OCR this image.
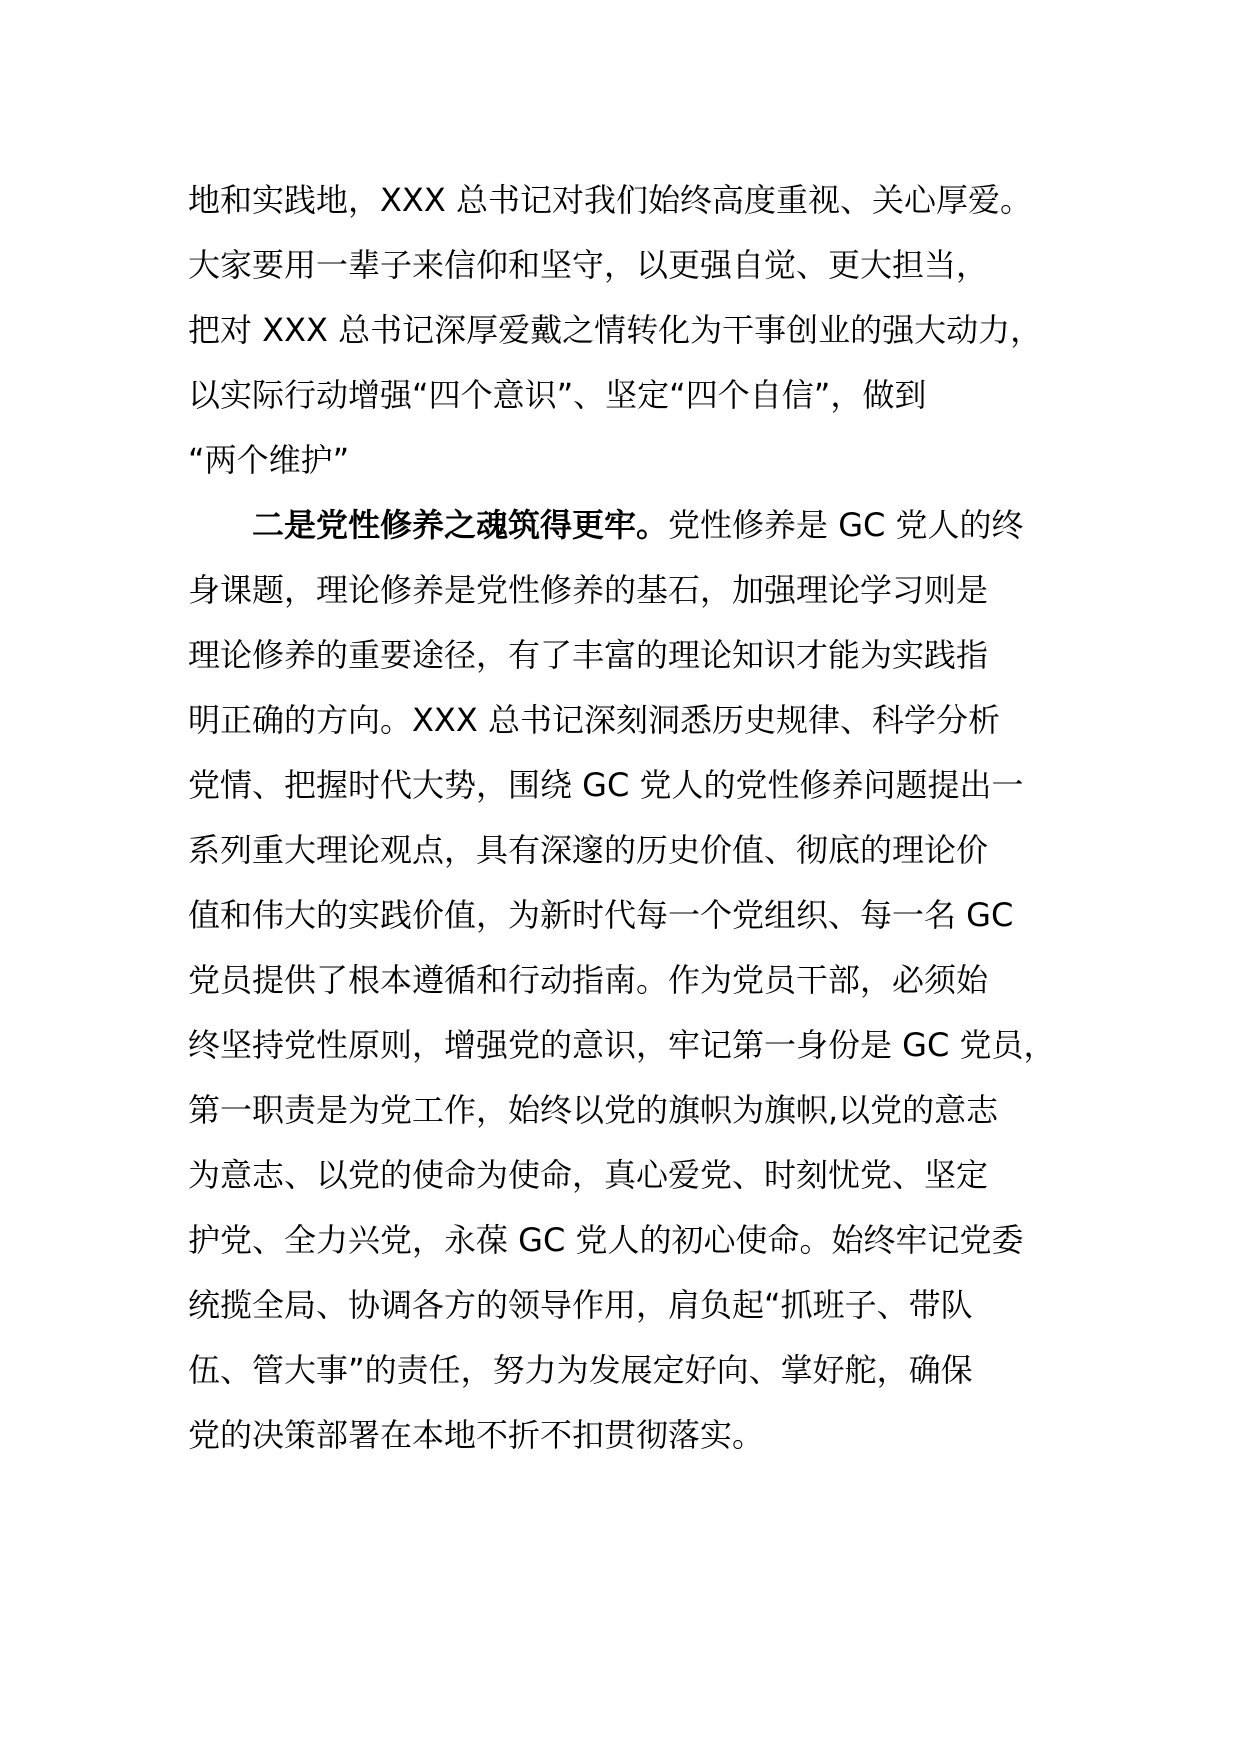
地和实践地，XXX 总书记对我们始终高度重视、关心厚爱。
大家要用一辈子来信仰和坚守，以更强自觉、更大担当，
把对 XXX 总书记深厚爱戴之情转化为干事创业的强大动力，
以实际行动增强“四个意识”、坚定“四个自信”，做到
“两个维护”
二是党性修养之魂筑得更牢。党性修养是 GC 党人的终
身课题，理论修养是党性修养的基石，加强理论学习则是
理论修养的重要途径，有了丰富的理论知识才能为实践指
明正确的方向。XXX 总书记深刻洞悉历史规律、科学分析
党情、把握时代大势，围绕 GC 党人的党性修养问题提出一
系列重大理论观点，具有深邃的历史价值、彻底的理论价
值和伟大的实践价值，为新时代每一个党组织、每一名 GC
党员提供了根本遵循和行动指南。作为党员干部，必须始
终坚持党性原则，增强党的意识，牢记第一身份是 GC 党员，
第一职责是为党工作，始终以党的旗帜为旗帜,以党的意志
为意志、以党的使命为使命，真心爱党、时刻忧党、坚定
护党、全力兴党，永葆 GC 党人的初心使命。始终牢记党委
统揽全局、协调各方的领导作用，肩负起“抓班子、带队
伍、管大事”的责任，努力为发展定好向、掌好舵，确保
党的决策部署在本地不折不扣贯彻落实。
